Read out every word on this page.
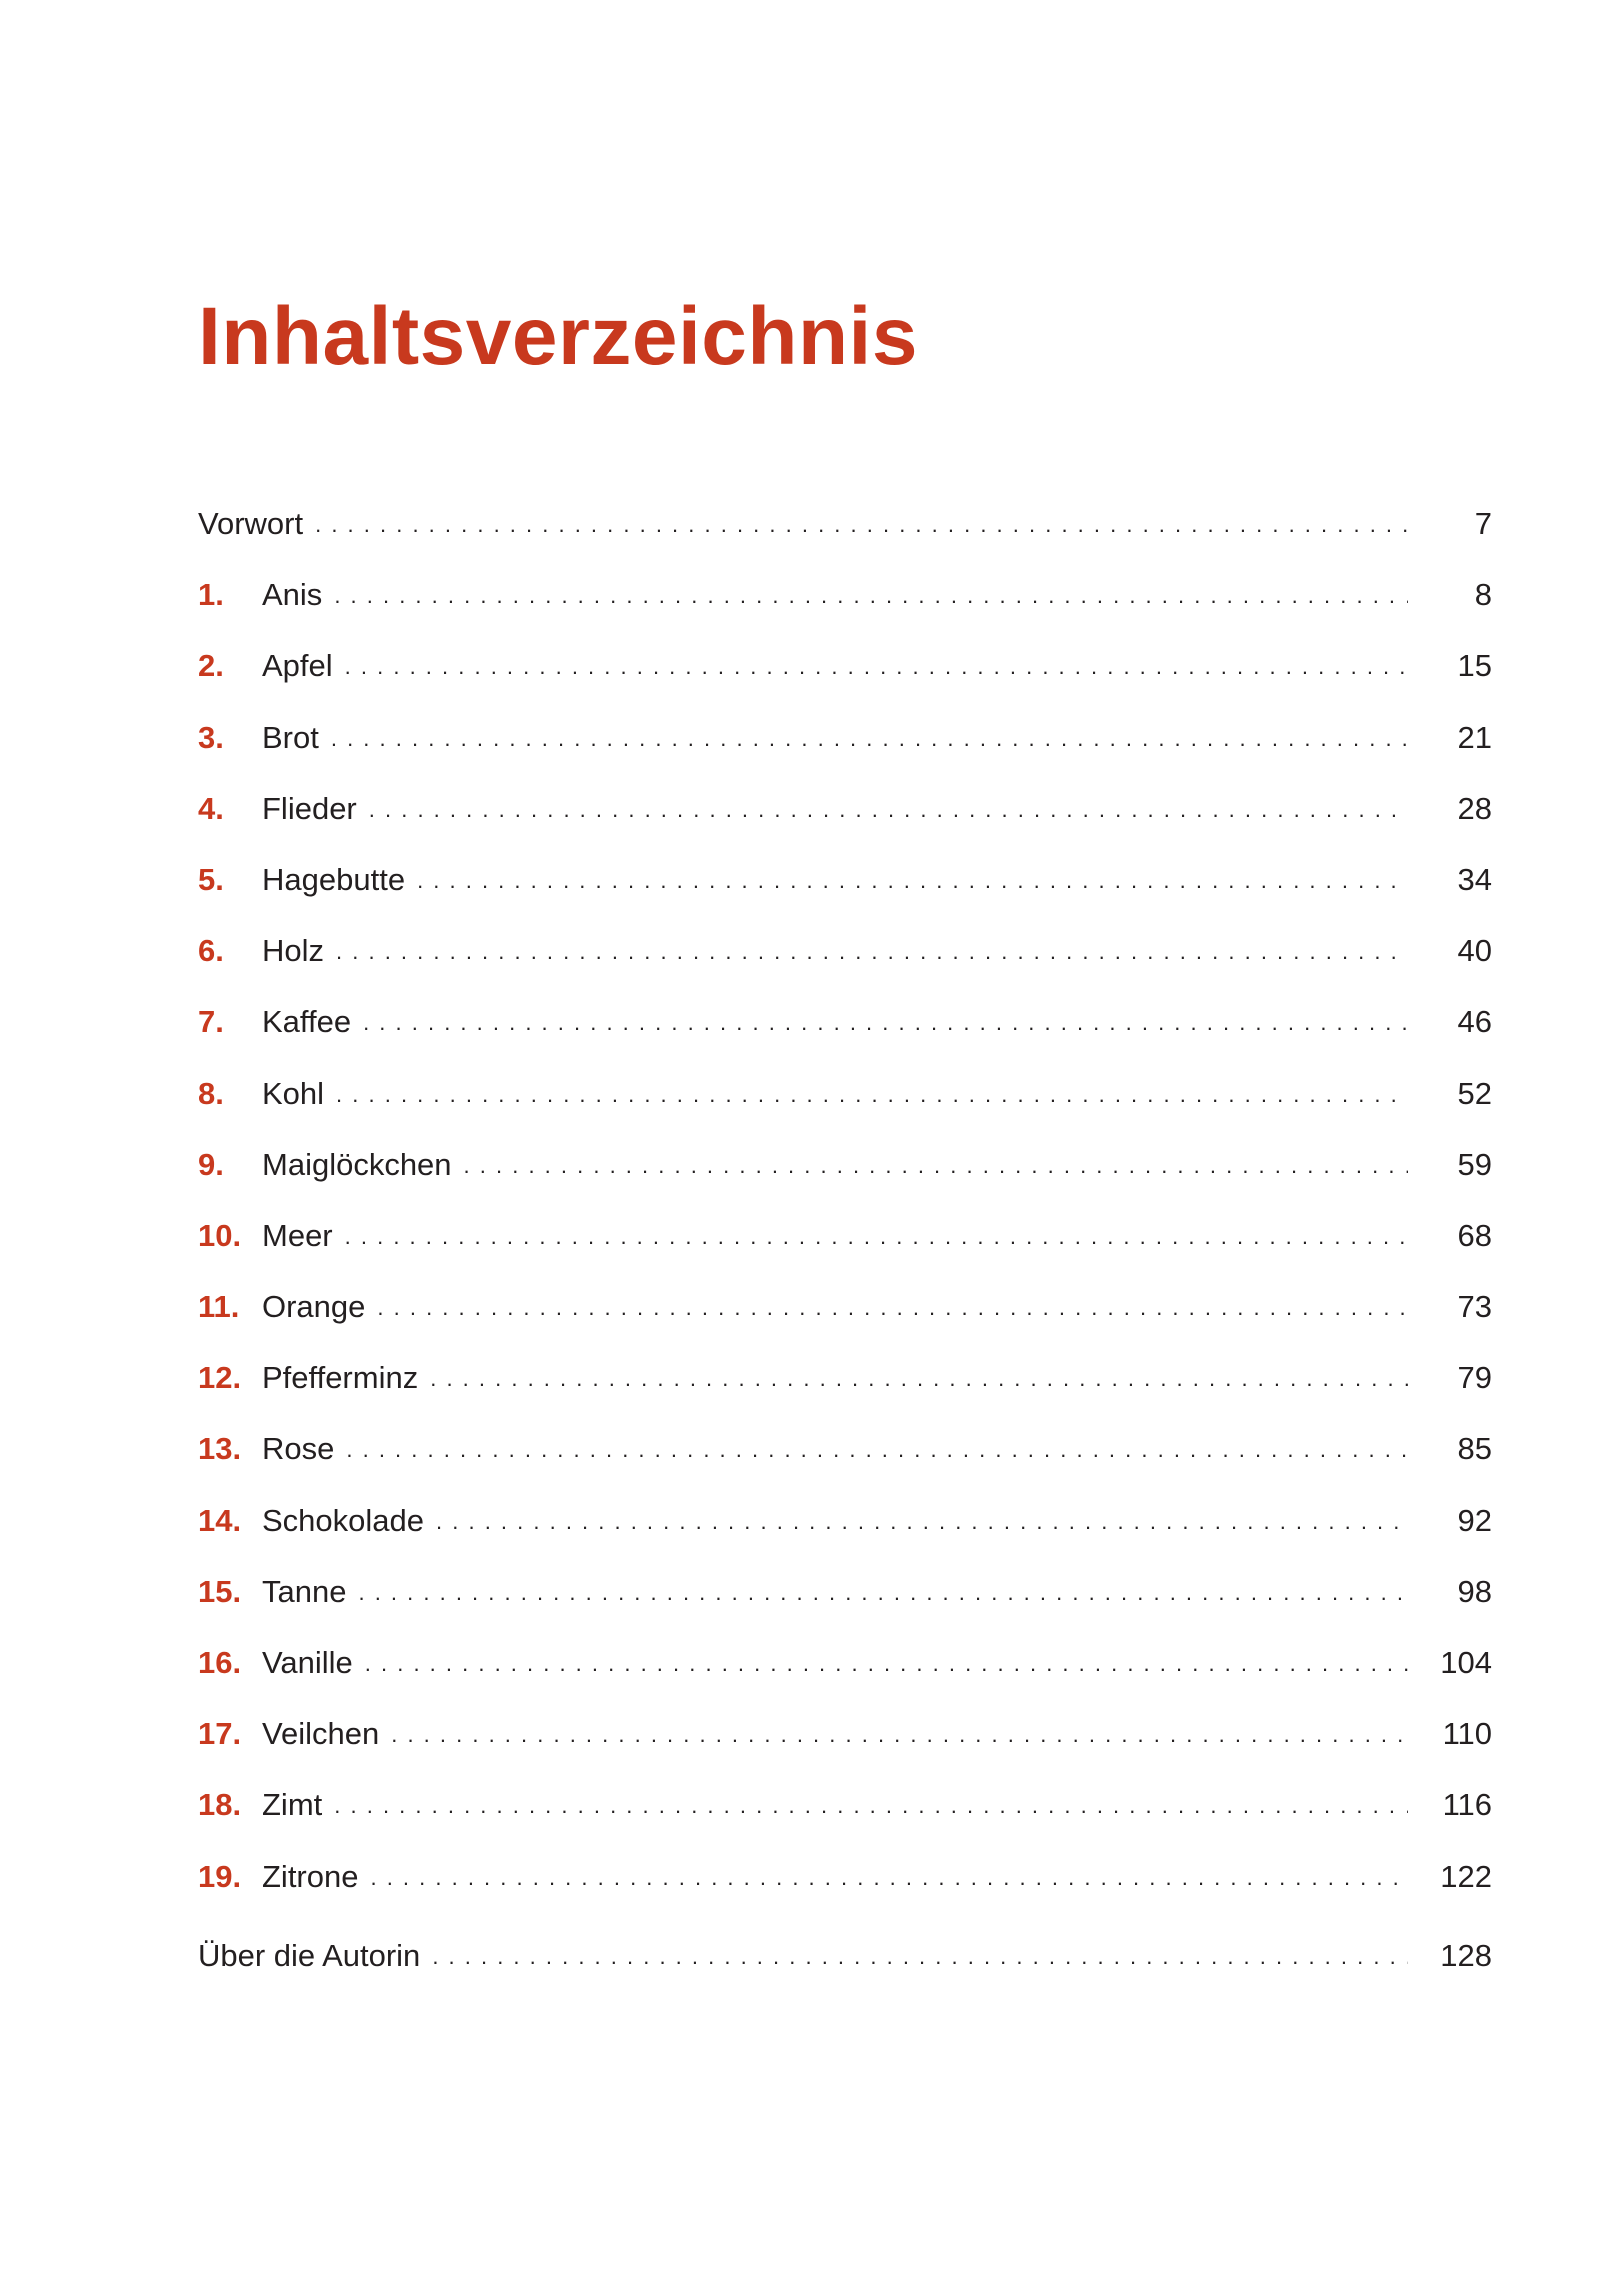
Inhaltsverzeichnis
Vorwort . . .	7
1.	Anis . . .	8
2.	Apfel . . .	15
3.	Brot . . .	21
4.	Flieder . . .	28
5.	Hagebutte . . .	34
6.	Holz . . .	40
7.	Kaffee . . .	46
8.	Kohl . . .	52
9.	Maiglöckchen . . .	59
10. Meer . . .	68
11. Orange . . .	73
12. Pfefferminz . . .	79
13. Rose . . .	85
14. Schokolade . . .	92
15. Tanne . . .	98
16. Vanille . . .	104
17. Veilchen . . .	110
18. Zimt . . .	116
19. Zitrone . . .	122
Über die Autorin . . .	128
